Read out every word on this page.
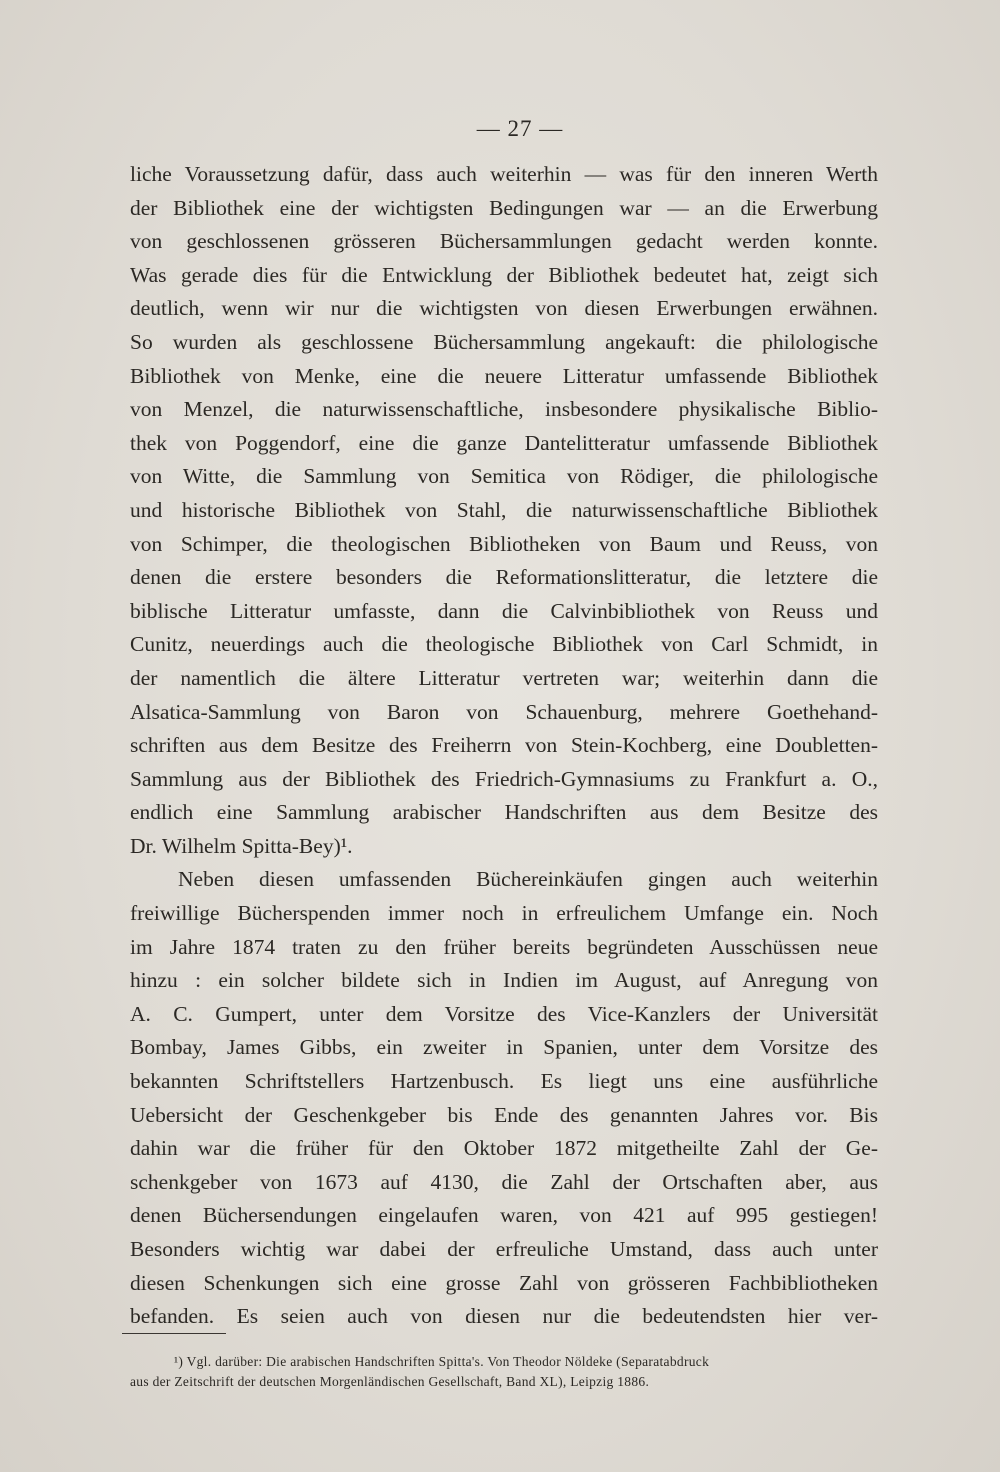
— 27 —
liche Voraussetzung dafür, dass auch weiterhin — was für den inneren Werth
der Bibliothek eine der wichtigsten Bedingungen war — an die Erwerbung
von geschlossenen grösseren Büchersammlungen gedacht werden konnte.
Was gerade dies für die Entwicklung der Bibliothek bedeutet hat, zeigt sich
deutlich, wenn wir nur die wichtigsten von diesen Erwerbungen erwähnen.
So wurden als geschlossene Büchersammlung angekauft: die philologische
Bibliothek von Menke, eine die neuere Litteratur umfassende Bibliothek
von Menzel, die naturwissenschaftliche, insbesondere physikalische Biblio-
thek von Poggendorf, eine die ganze Dantelitteratur umfassende Bibliothek
von Witte, die Sammlung von Semitica von Rödiger, die philologische
und historische Bibliothek von Stahl, die naturwissenschaftliche Bibliothek
von Schimper, die theologischen Bibliotheken von Baum und Reuss, von
denen die erstere besonders die Reformationslitteratur, die letztere die
biblische Litteratur umfasste, dann die Calvinbibliothek von Reuss und
Cunitz, neuerdings auch die theologische Bibliothek von Carl Schmidt, in
der namentlich die ältere Litteratur vertreten war; weiterhin dann die
Alsatica-Sammlung von Baron von Schauenburg, mehrere Goethehand-
schriften aus dem Besitze des Freiherrn von Stein-Kochberg, eine Doubletten-
Sammlung aus der Bibliothek des Friedrich-Gymnasiums zu Frankfurt a. O.,
endlich eine Sammlung arabischer Handschriften aus dem Besitze des
Dr. Wilhelm Spitta-Bey)¹.
Neben diesen umfassenden Büchereinkäufen gingen auch weiterhin
freiwillige Bücherspenden immer noch in erfreulichem Umfange ein. Noch
im Jahre 1874 traten zu den früher bereits begründeten Ausschüssen neue
hinzu : ein solcher bildete sich in Indien im August, auf Anregung von
A. C. Gumpert, unter dem Vorsitze des Vice-Kanzlers der Universität
Bombay, James Gibbs, ein zweiter in Spanien, unter dem Vorsitze des
bekannten Schriftstellers Hartzenbusch. Es liegt uns eine ausführliche
Uebersicht der Geschenkgeber bis Ende des genannten Jahres vor. Bis
dahin war die früher für den Oktober 1872 mitgetheilte Zahl der Ge-
schenkgeber von 1673 auf 4130, die Zahl der Ortschaften aber, aus
denen Büchersendungen eingelaufen waren, von 421 auf 995 gestiegen!
Besonders wichtig war dabei der erfreuliche Umstand, dass auch unter
diesen Schenkungen sich eine grosse Zahl von grösseren Fachbibliotheken
befanden. Es seien auch von diesen nur die bedeutendsten hier ver-
¹) Vgl. darüber: Die arabischen Handschriften Spitta's. Von Theodor Nöldeke (Separatabdruck
aus der Zeitschrift der deutschen Morgenländischen Gesellschaft, Band XL), Leipzig 1886.
